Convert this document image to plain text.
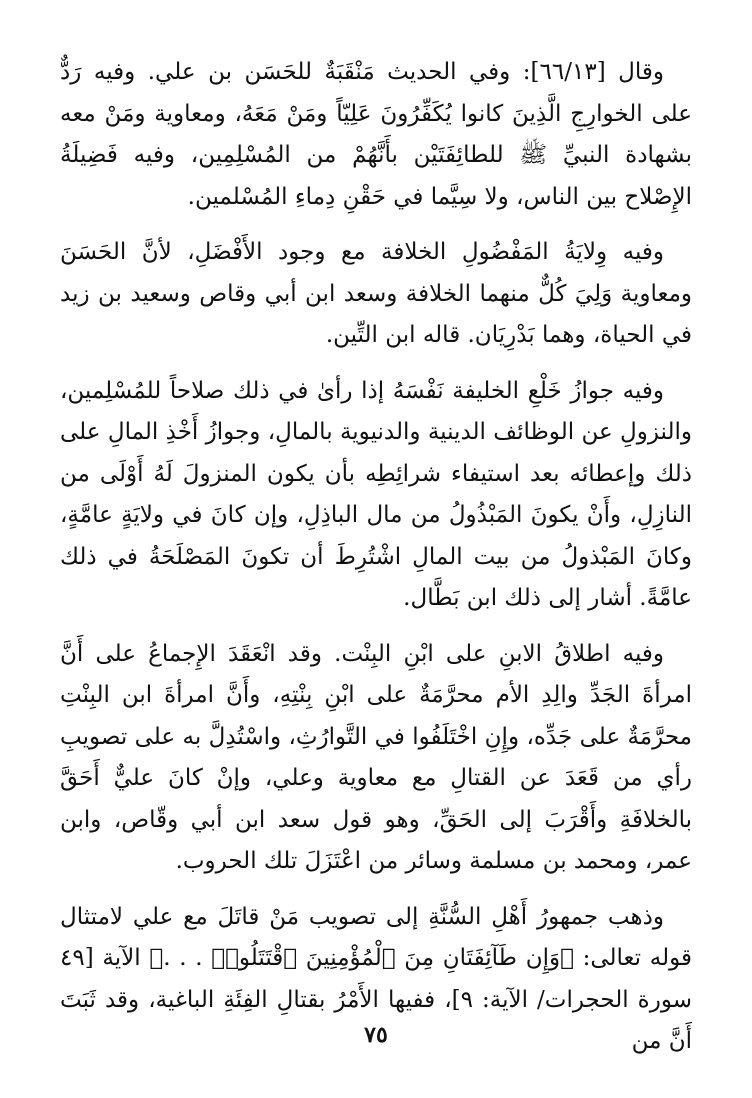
وقال [٦٦/١٣]: وفي الحديث مَنْقَبَةٌ للحَسَن بن علي. وفيه رَدٌّ على الخوارِجِ الَّذِينَ كانوا يُكَفِّرُونَ عَلِيّاً ومَنْ مَعَهُ، ومعاوية ومَنْ معه بشهادة النبيِّ ﷺ للطائِفَتَيْن بأَنَّهُمْ من المُسْلِمِين، وفيه فَضِيلَةُ الإِصْلاح بين الناس، ولا سِيَّما في حَقْنِ دِماءِ المُسْلمين.

وفيه وِلايَةُ المَفْضُولِ الخلافة مع وجود الأَفْضَلِ، لأنَّ الحَسَنَ ومعاوية وَلِيَ كُلٌّ منهما الخلافة وسعد ابن أبي وقاص وسعيد بن زيد في الحياة، وهما بَدْرِيَان. قاله ابن التِّين.

وفيه جوازُ خَلْعِ الخليفة نَفْسَهُ إذا رأىٰ في ذلك صلاحاً للمُسْلِمين، والنزولِ عن الوظائف الدينية والدنيوية بالمالِ، وجوازُ أَخْذِ المالِ على ذلك وإعطائه بعد استيفاء شرائِطِه بأن يكون المنزولَ لَهُ أَوْلَى من النازِلِ، وأَنْ يكونَ المَبْذُولُ من مال الباذِلِ، وإن كانَ في ولايَةٍ عامَّةٍ، وكانَ المَبْذولُ من بيت المالِ اشْتُرِطَ أن تكونَ المَصْلَحَةُ في ذلك عامَّةً. أشار إلى ذلك ابن بَطَّال.

وفيه اطلاقُ الابنِ على ابْنِ البِنْت. وقد انْعَقَدَ الإِجماعُ على أَنَّ امرأةَ الجَدِّ والِدِ الأم محرَّمَةٌ على ابْنِ بِنْتِهِ، وأَنَّ امرأةَ ابن البِنْتِ محرَّمَةٌ على جَدِّه، وإِنِ اخْتَلَفُوا في التَّوارُثِ، واسْتُدِلَّ به على تصويبِ رأي من قَعَدَ عن القتالِ مع معاوية وعلي، وإنْ كانَ عليٌّ أَحَقَّ بالخلافَةِ وأَقْرَبَ إلى الحَقِّ، وهو قول سعد ابن أبي وقّاص، وابن عمر، ومحمد بن مسلمة وسائر من اعْتَزَلَ تلك الحروب.

وذهب جمهورُ أَهْلِ السُّنَّةِ إلى تصويب مَنْ قاتَلَ مع علي لامتثال قوله تعالى: ﴿وَإِن طَآئِفَتَانِ مِنَ ٱلْمُؤْمِنِينَ ٱقْتَتَلُوا۟ . . .﴾ الآية [٤٩ سورة الحجرات/ الآية: ٩]، ففيها الأَمْرُ بقتالِ الفِئَةِ الباغية، وقد ثَبَتَ أَنَّ من

٧٥
